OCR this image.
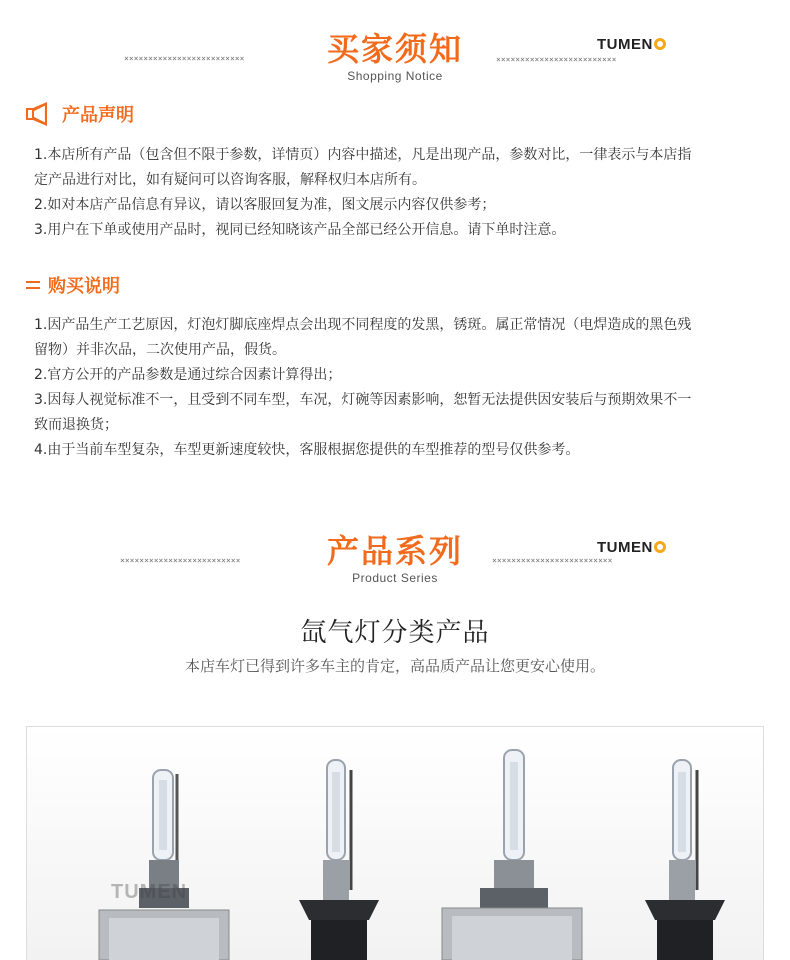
×××××××××××××××××××××××××	买家须知
Shopping Notice
TUMEN
×××××××××××××××××××××××××
产品声明

1.本店所有产品（包含但不限于参数，详情页）内容中描述，凡是出现产品，参数对比，一律表示与本店指

定产品进行对比，如有疑问可以咨询客服，解释权归本店所有。

2.如对本店产品信息有异议，请以客服回复为准，图文展示内容仅供参考；

3.用户在下单或使用产品时，视同已经知晓该产品全部已经公开信息。请下单时注意。

购买说明

1.因产品生产工艺原因，灯泡灯脚底座焊点会出现不同程度的发黑，锈斑。属正常情况（电焊造成的黑色残

留物）并非次品，二次使用产品，假货。

2.官方公开的产品参数是通过综合因素计算得出；

3.因每人视觉标准不一，且受到不同车型，车况，灯碗等因素影响，恕暂无法提供因安装后与预期效果不一

致而退换货；

4.由于当前车型复杂，车型更新速度较快，客服根据您提供的车型推荐的型号仅供参考。

×××××××××××××××××××××××××	产品系列
Product Series
TUMEN
×××××××××××××××××××××××××
氙气灯分类产品
本店车灯已得到许多车主的肯定，高品质产品让您更安心使用。
TUMEN
